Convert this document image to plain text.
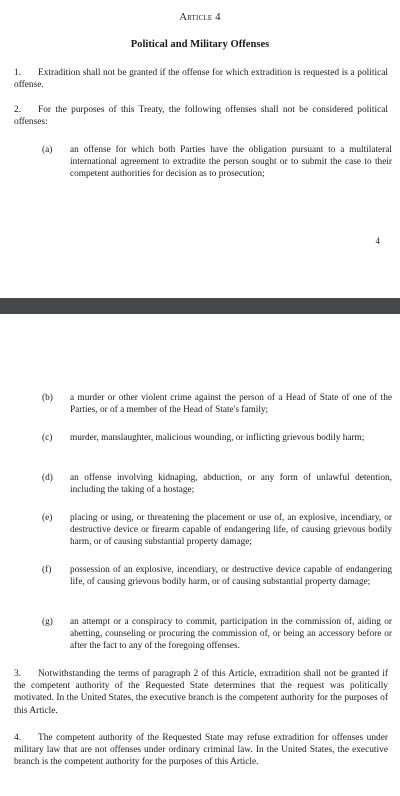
Article 4
Political and Military Offenses
1. Extradition shall not be granted if the offense for which extradition is requested is a political offense.
2. For the purposes of this Treaty, the following offenses shall not be considered political offenses:
(a)	an offense for which both Parties have the obligation pursuant to a multilateral international agreement to extradite the person sought or to submit the case to their competent authorities for decision as to prosecution;
4
(b)	a murder or other violent crime against the person of a Head of State of one of the Parties, or of a member of the Head of State's family;
(c)	murder, manslaughter, malicious wounding, or inflicting grievous bodily harm;
(d)	an offense involving kidnaping, abduction, or any form of unlawful detention, including the taking of a hostage;
(e)	placing or using, or threatening the placement or use of, an explosive, incendiary, or destructive device or firearm capable of endangering life, of causing grievous bodily harm, or of causing substantial property damage;
(f)	possession of an explosive, incendiary, or destructive device capable of endangering life, of causing grievous bodily harm, or of causing substantial property damage;
(g)	an attempt or a conspiracy to commit, participation in the commission of, aiding or abetting, counseling or procuring the commission of, or being an accessory before or after the fact to any of the foregoing offenses.
3. Notwithstanding the terms of paragraph 2 of this Article, extradition shall not be granted if the competent authority of the Requested State determines that the request was politically motivated. In the United States, the executive branch is the competent authority for the purposes of this Article.
4. The competent authority of the Requested State may refuse extradition for offenses under military law that are not offenses under ordinary criminal law. In the United States, the executive branch is the competent authority for the purposes of this Article.
